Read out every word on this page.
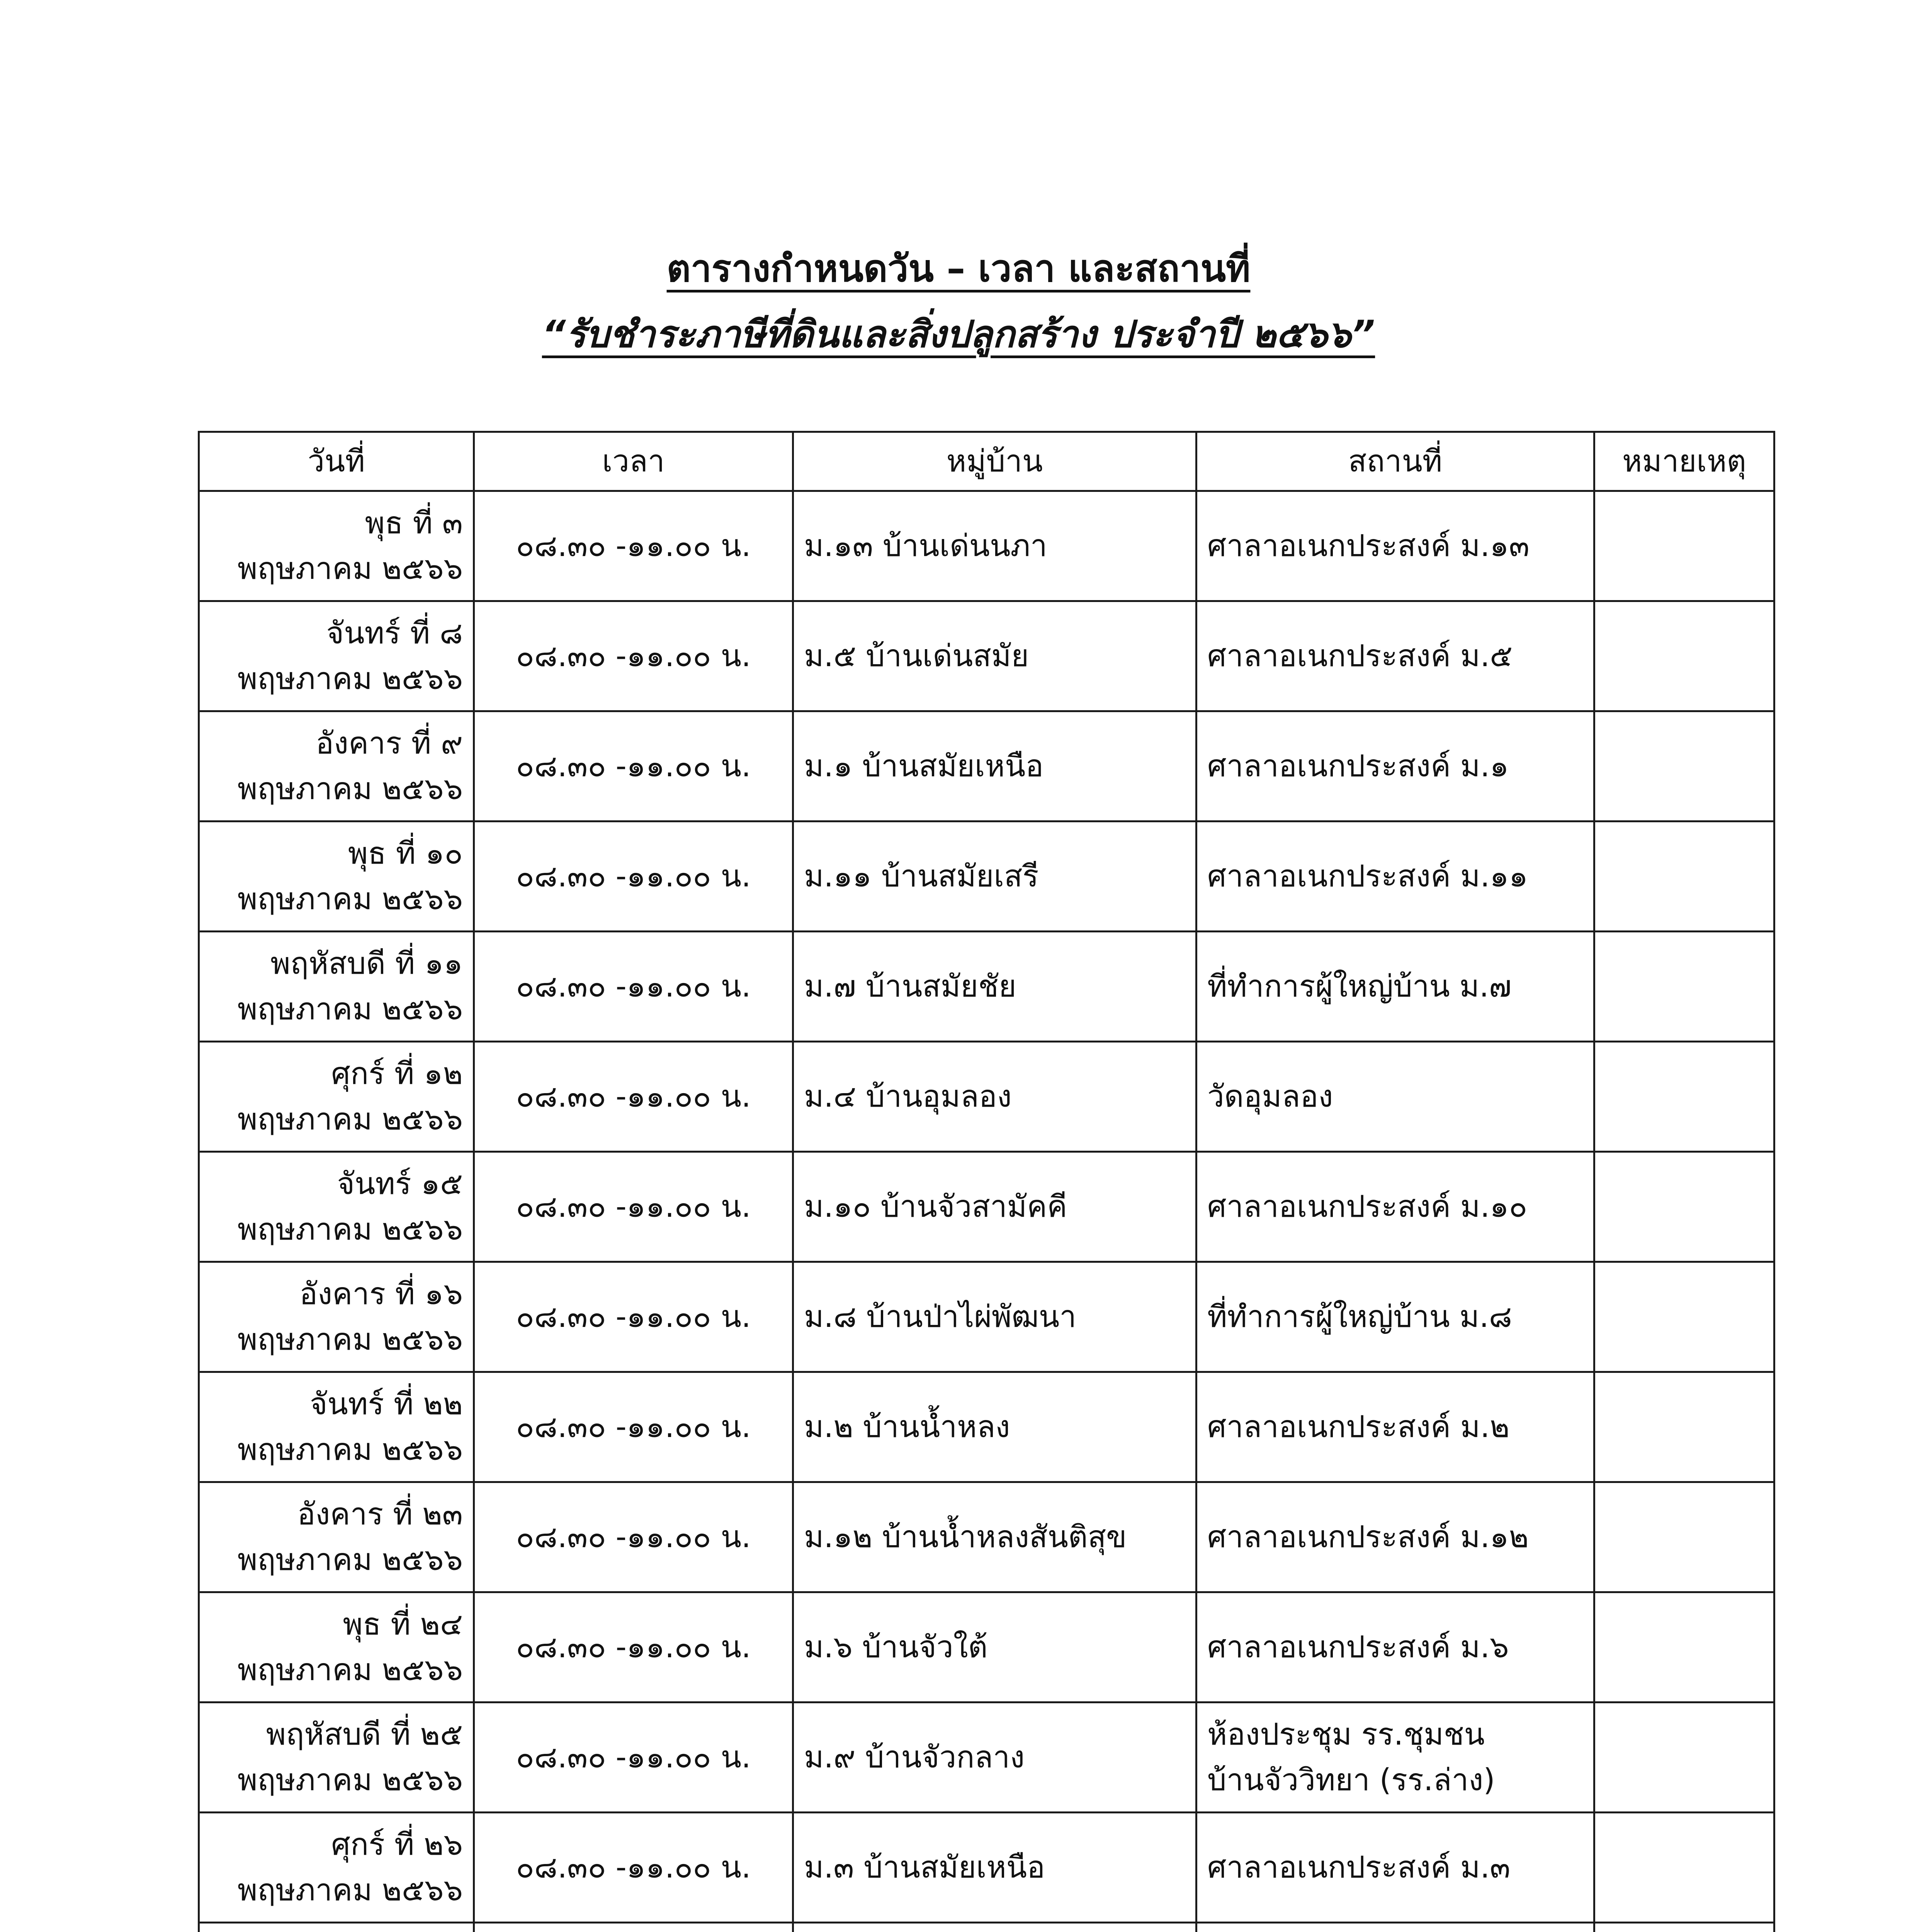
ตารางกำหนดวัน – เวลา และสถานที่
“รับชำระภาษีที่ดินและสิ่งปลูกสร้าง ประจำปี ๒๕๖๖”
วันที่	เวลา	หมู่บ้าน	สถานที่	หมายเหตุ

พุธ ที่ ๓
พฤษภาคม ๒๕๖๖	๐๘.๓๐ -๑๑.๐๐ น.	ม.๑๓ บ้านเด่นนภา	ศาลาอเนกประสงค์ ม.๑๓	

จันทร์ ที่ ๘
พฤษภาคม ๒๕๖๖	๐๘.๓๐ -๑๑.๐๐ น.	ม.๕ บ้านเด่นสมัย	ศาลาอเนกประสงค์ ม.๕	

อังคาร ที่ ๙
พฤษภาคม ๒๕๖๖	๐๘.๓๐ -๑๑.๐๐ น.	ม.๑ บ้านสมัยเหนือ	ศาลาอเนกประสงค์ ม.๑	

พุธ ที่ ๑๐
พฤษภาคม ๒๕๖๖	๐๘.๓๐ -๑๑.๐๐ น.	ม.๑๑ บ้านสมัยเสรี	ศาลาอเนกประสงค์ ม.๑๑	

พฤหัสบดี ที่ ๑๑
พฤษภาคม ๒๕๖๖	๐๘.๓๐ -๑๑.๐๐ น.	ม.๗ บ้านสมัยชัย	ที่ทำการผู้ใหญ่บ้าน ม.๗	

ศุกร์ ที่ ๑๒
พฤษภาคม ๒๕๖๖	๐๘.๓๐ -๑๑.๐๐ น.	ม.๔ บ้านอุมลอง	วัดอุมลอง	

จันทร์ ๑๕
พฤษภาคม ๒๕๖๖	๐๘.๓๐ -๑๑.๐๐ น.	ม.๑๐ บ้านจัวสามัคคี	ศาลาอเนกประสงค์ ม.๑๐	

อังคาร ที่ ๑๖
พฤษภาคม ๒๕๖๖	๐๘.๓๐ -๑๑.๐๐ น.	ม.๘ บ้านป่าไผ่พัฒนา	ที่ทำการผู้ใหญ่บ้าน ม.๘	

จันทร์ ที่ ๒๒
พฤษภาคม ๒๕๖๖	๐๘.๓๐ -๑๑.๐๐ น.	ม.๒ บ้านน้ำหลง	ศาลาอเนกประสงค์ ม.๒	

อังคาร ที่ ๒๓
พฤษภาคม ๒๕๖๖	๐๘.๓๐ -๑๑.๐๐ น.	ม.๑๒ บ้านน้ำหลงสันติสุข	ศาลาอเนกประสงค์ ม.๑๒	

พุธ ที่ ๒๔
พฤษภาคม ๒๕๖๖	๐๘.๓๐ -๑๑.๐๐ น.	ม.๖ บ้านจัวใต้	ศาลาอเนกประสงค์ ม.๖	

พฤหัสบดี ที่ ๒๕
พฤษภาคม ๒๕๖๖	๐๘.๓๐ -๑๑.๐๐ น.	ม.๙ บ้านจัวกลาง	ห้องประชุม รร.ชุมชน
บ้านจัววิทยา (รร.ล่าง)	

ศุกร์ ที่ ๒๖
พฤษภาคม ๒๕๖๖	๐๘.๓๐ -๑๑.๐๐ น.	ม.๓ บ้านสมัยเหนือ	ศาลาอเนกประสงค์ ม.๓	
